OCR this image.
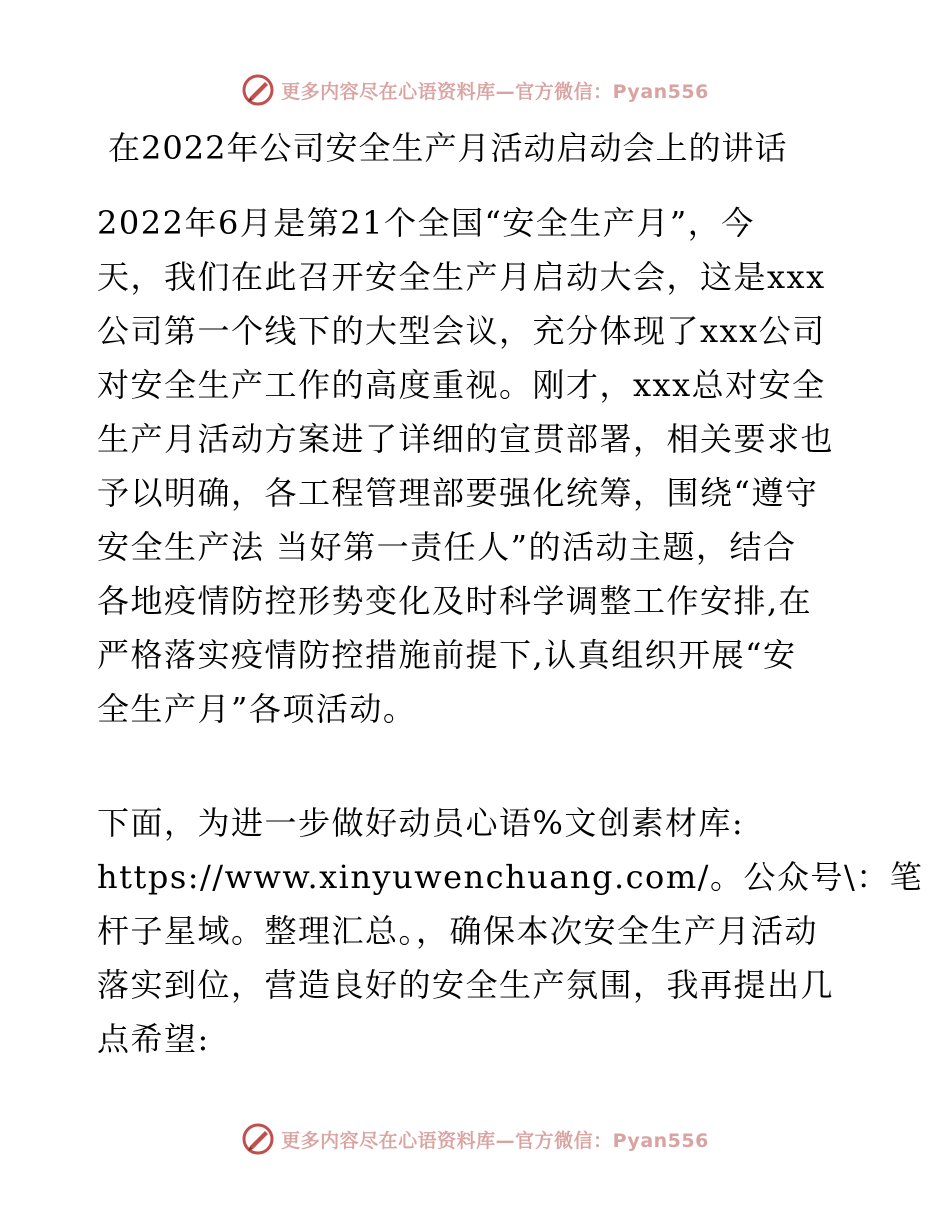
更多内容尽在心语资料库—官方微信：Pyan556
在2022年公司安全生产月活动启动会上的讲话
2022年6月是第21个全国“安全生产月”，今
天，我们在此召开安全生产月启动大会，这是xxx
公司第一个线下的大型会议，充分体现了xxx公司
对安全生产工作的高度重视。刚才，xxx总对安全
生产月活动方案进了详细的宣贯部署，相关要求也
予以明确，各工程管理部要强化统筹，围绕“遵守
安全生产法 当好第一责任人”的活动主题，结合
各地疫情防控形势变化及时科学调整工作安排,在
严格落实疫情防控措施前提下,认真组织开展“安
全生产月”各项活动。
下面，为进一步做好动员心语%文创素材库:
https://www.xinyuwenchuang.com/。公众号\：笔
杆子星域。整理汇总。，确保本次安全生产月活动
落实到位，营造良好的安全生产氛围，我再提出几
点希望:
更多内容尽在心语资料库—官方微信：Pyan556
